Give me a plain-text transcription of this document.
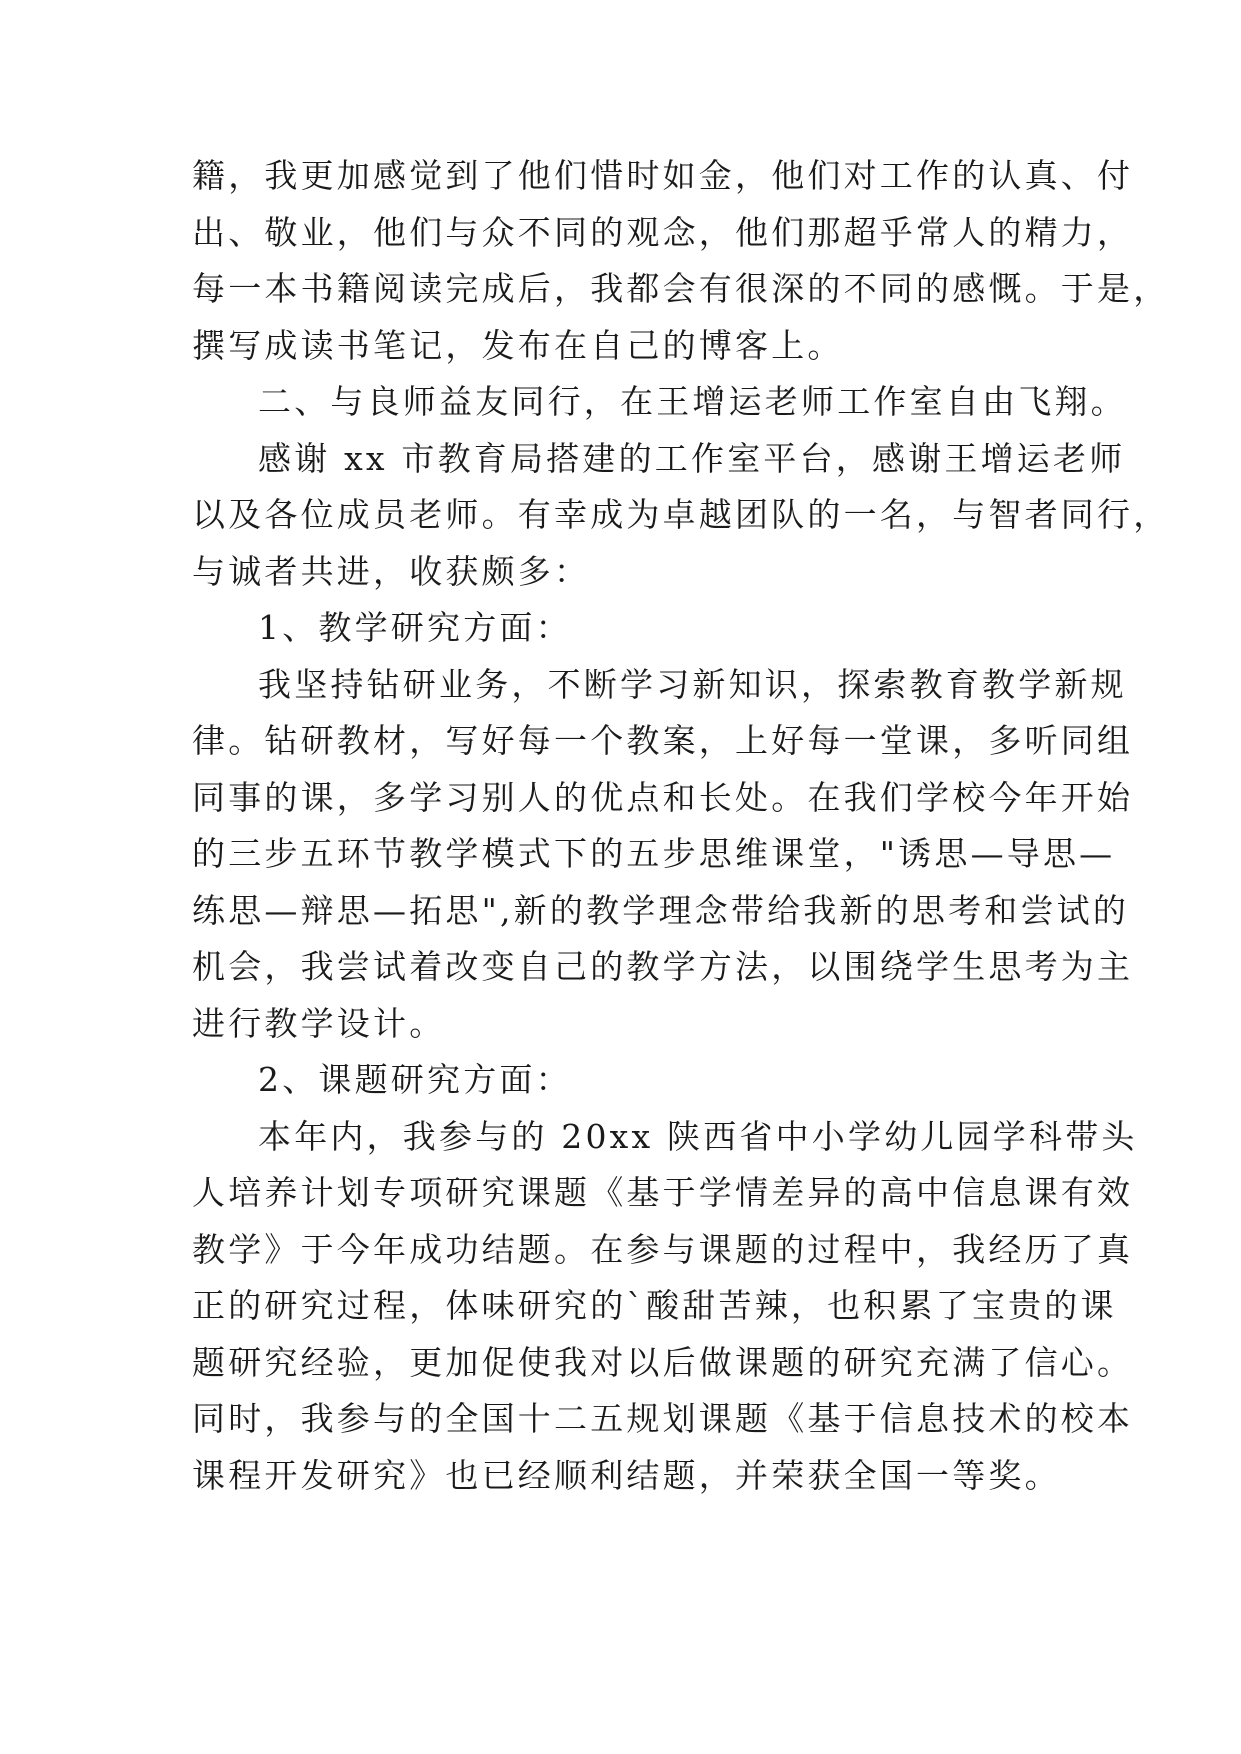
籍，我更加感觉到了他们惜时如金，他们对工作的认真、付
出、敬业，他们与众不同的观念，他们那超乎常人的精力，
每一本书籍阅读完成后，我都会有很深的不同的感慨。于是，
撰写成读书笔记，发布在自己的博客上。
二、与良师益友同行，在王增运老师工作室自由飞翔。
感谢 xx 市教育局搭建的工作室平台，感谢王增运老师
以及各位成员老师。有幸成为卓越团队的一名，与智者同行，
与诚者共进，收获颇多：
1、教学研究方面：
我坚持钻研业务，不断学习新知识，探索教育教学新规
律。钻研教材，写好每一个教案，上好每一堂课，多听同组
同事的课，多学习别人的优点和长处。在我们学校今年开始
的三步五环节教学模式下的五步思维课堂，"诱思—导思—
练思—辩思—拓思",新的教学理念带给我新的思考和尝试的
机会，我尝试着改变自己的教学方法，以围绕学生思考为主
进行教学设计。
2、课题研究方面：
本年内，我参与的 20xx 陕西省中小学幼儿园学科带头
人培养计划专项研究课题《基于学情差异的高中信息课有效
教学》于今年成功结题。在参与课题的过程中，我经历了真
正的研究过程，体味研究的`酸甜苦辣，也积累了宝贵的课
题研究经验，更加促使我对以后做课题的研究充满了信心。
同时，我参与的全国十二五规划课题《基于信息技术的校本
课程开发研究》也已经顺利结题，并荣获全国一等奖。
